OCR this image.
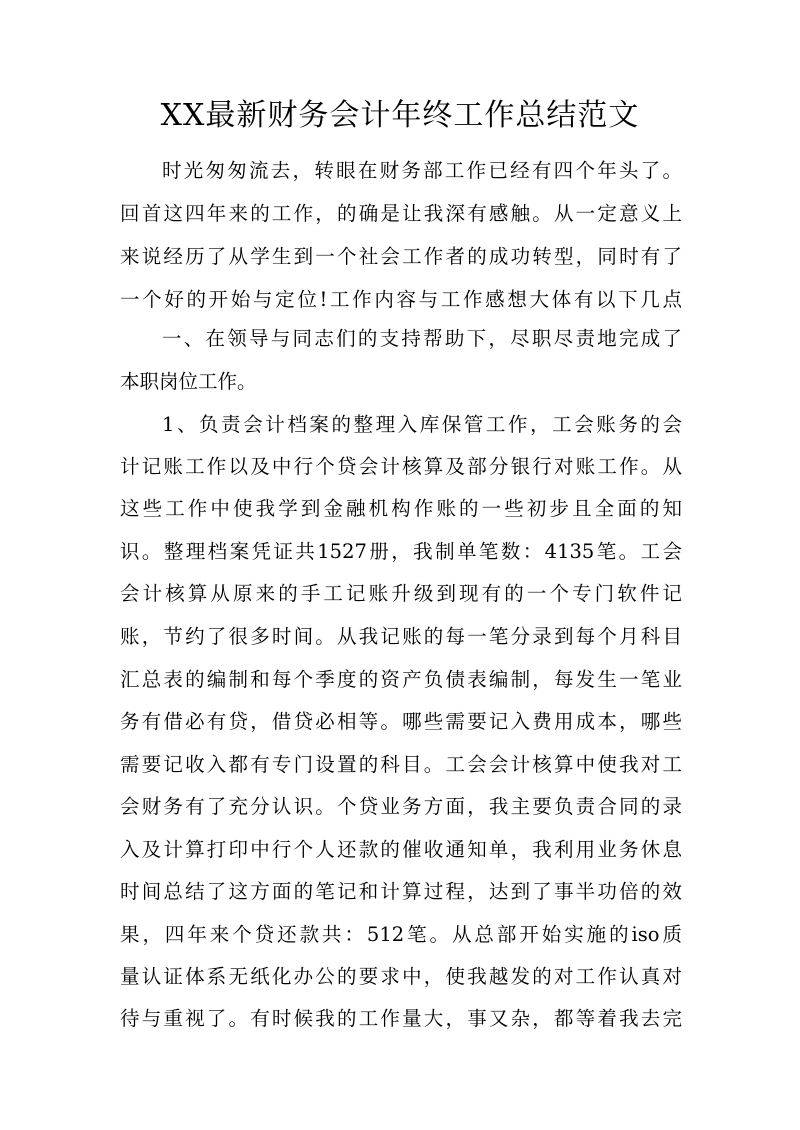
XX最新财务会计年终工作总结范文
时光匆匆流去，转眼在财务部工作已经有四个年头了。
回首这四年来的工作，的确是让我深有感触。从一定意义上
来说经历了从学生到一个社会工作者的成功转型，同时有了
一个好的开始与定位!工作内容与工作感想大体有以下几点
一、在领导与同志们的支持帮助下，尽职尽责地完成了
本职岗位工作。
1、负责会计档案的整理入库保管工作，工会账务的会
计记账工作以及中行个贷会计核算及部分银行对账工作。从
这些工作中使我学到金融机构作账的一些初步且全面的知
识。整理档案凭证共1527册，我制单笔数：4135笔。工会
会计核算从原来的手工记账升级到现有的一个专门软件记
账，节约了很多时间。从我记账的每一笔分录到每个月科目
汇总表的编制和每个季度的资产负债表编制，每发生一笔业
务有借必有贷，借贷必相等。哪些需要记入费用成本，哪些
需要记收入都有专门设置的科目。工会会计核算中使我对工
会财务有了充分认识。个贷业务方面，我主要负责合同的录
入及计算打印中行个人还款的催收通知单，我利用业务休息
时间总结了这方面的笔记和计算过程，达到了事半功倍的效
果，四年来个贷还款共：512笔。从总部开始实施的iso质
量认证体系无纸化办公的要求中，使我越发的对工作认真对
待与重视了。有时候我的工作量大，事又杂，都等着我去完
